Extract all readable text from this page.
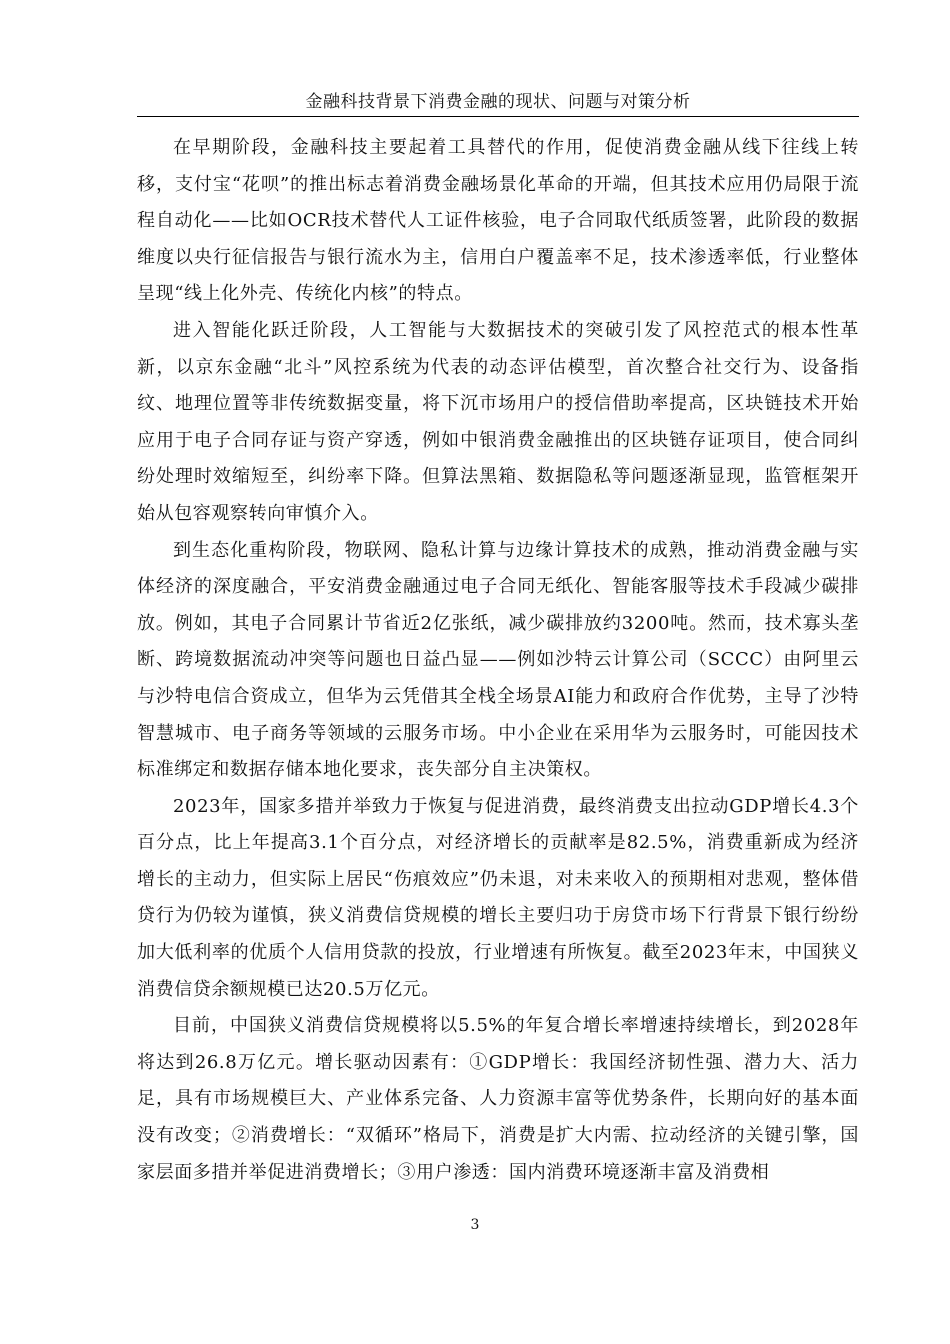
金融科技背景下消费金融的现状、问题与对策分析

在早期阶段，金融科技主要起着工具替代的作用，促使消费金融从线下往线上转移，支付宝“花呗”的推出标志着消费金融场景化革命的开端，但其技术应用仍局限于流程自动化——比如OCR技术替代人工证件核验，电子合同取代纸质签署，此阶段的数据维度以央行征信报告与银行流水为主，信用白户覆盖率不足，技术渗透率低，行业整体呈现“线上化外壳、传统化内核”的特点。

进入智能化跃迁阶段，人工智能与大数据技术的突破引发了风控范式的根本性革新，以京东金融“北斗”风控系统为代表的动态评估模型，首次整合社交行为、设备指纹、地理位置等非传统数据变量，将下沉市场用户的授信借助率提高，区块链技术开始应用于电子合同存证与资产穿透，例如中银消费金融推出的区块链存证项目，使合同纠纷处理时效缩短至，纠纷率下降。但算法黑箱、数据隐私等问题逐渐显现，监管框架开始从包容观察转向审慎介入。

到生态化重构阶段，物联网、隐私计算与边缘计算技术的成熟，推动消费金融与实体经济的深度融合，平安消费金融通过电子合同无纸化、智能客服等技术手段减少碳排放。例如，其电子合同累计节省近2亿张纸，减少碳排放约3200吨。然而，技术寡头垄断、跨境数据流动冲突等问题也日益凸显——例如沙特云计算公司（SCCC）由阿里云与沙特电信合资成立，但华为云凭借其全栈全场景AI能力和政府合作优势，主导了沙特智慧城市、电子商务等领域的云服务市场。中小企业在采用华为云服务时，可能因技术标准绑定和数据存储本地化要求，丧失部分自主决策权。

2023年，国家多措并举致力于恢复与促进消费，最终消费支出拉动GDP增长4.3个百分点，比上年提高3.1个百分点，对经济增长的贡献率是82.5%，消费重新成为经济增长的主动力，但实际上居民“伤痕效应”仍未退，对未来收入的预期相对悲观，整体借贷行为仍较为谨慎，狭义消费信贷规模的增长主要归功于房贷市场下行背景下银行纷纷加大低利率的优质个人信用贷款的投放，行业增速有所恢复。截至2023年末，中国狭义消费信贷余额规模已达20.5万亿元。

目前，中国狭义消费信贷规模将以5.5%的年复合增长率增速持续增长，到2028年将达到26.8万亿元。增长驱动因素有：①GDP增长：我国经济韧性强、潜力大、活力足，具有市场规模巨大、产业体系完备、人力资源丰富等优势条件，长期向好的基本面没有改变；②消费增长：“双循环”格局下，消费是扩大内需、拉动经济的关键引擎，国家层面多措并举促进消费增长；③用户渗透：国内消费环境逐渐丰富及消费相

3
